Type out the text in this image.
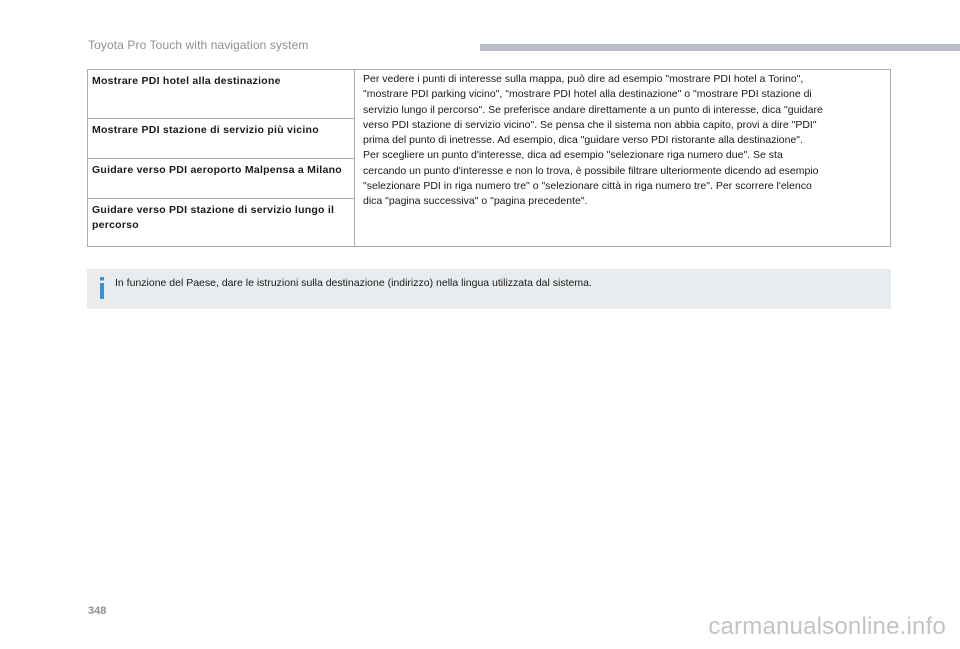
Toyota Pro Touch with navigation system
Mostrare PDI hotel alla destinazione	Per vedere i punti di interesse sulla mappa, può dire ad esempio "mostrare PDI hotel a Torino",
"mostrare PDI parking vicino", "mostrare PDI hotel alla destinazione" o "mostrare PDI stazione di
servizio lungo il percorso". Se preferisce andare direttamente a un punto di interesse, dica "guidare
verso PDI stazione di servizio vicino". Se pensa che il sistema non abbia capito, provi a dire "PDI"
prima del punto di inetresse. Ad esempio, dica "guidare verso PDI ristorante alla destinazione".
Per scegliere un punto d'interesse, dica ad esempio "selezionare riga numero due". Se sta
cercando un punto d'interesse e non lo trova, è possibile filtrare ulteriormente dicendo ad esempio
"selezionare PDI in riga numero tre" o "selezionare città in riga numero tre". Per scorrere l'elenco
dica "pagina successiva" o "pagina precedente".

Mostrare PDI stazione di servizio più vicino
Guidare verso PDI aeroporto Malpensa a Milano
Guidare verso PDI stazione di servizio lungo il percorso
In funzione del Paese, dare le istruzioni sulla destinazione (indirizzo) nella lingua utilizzata dal sistema.
348
carmanualsonline.info
